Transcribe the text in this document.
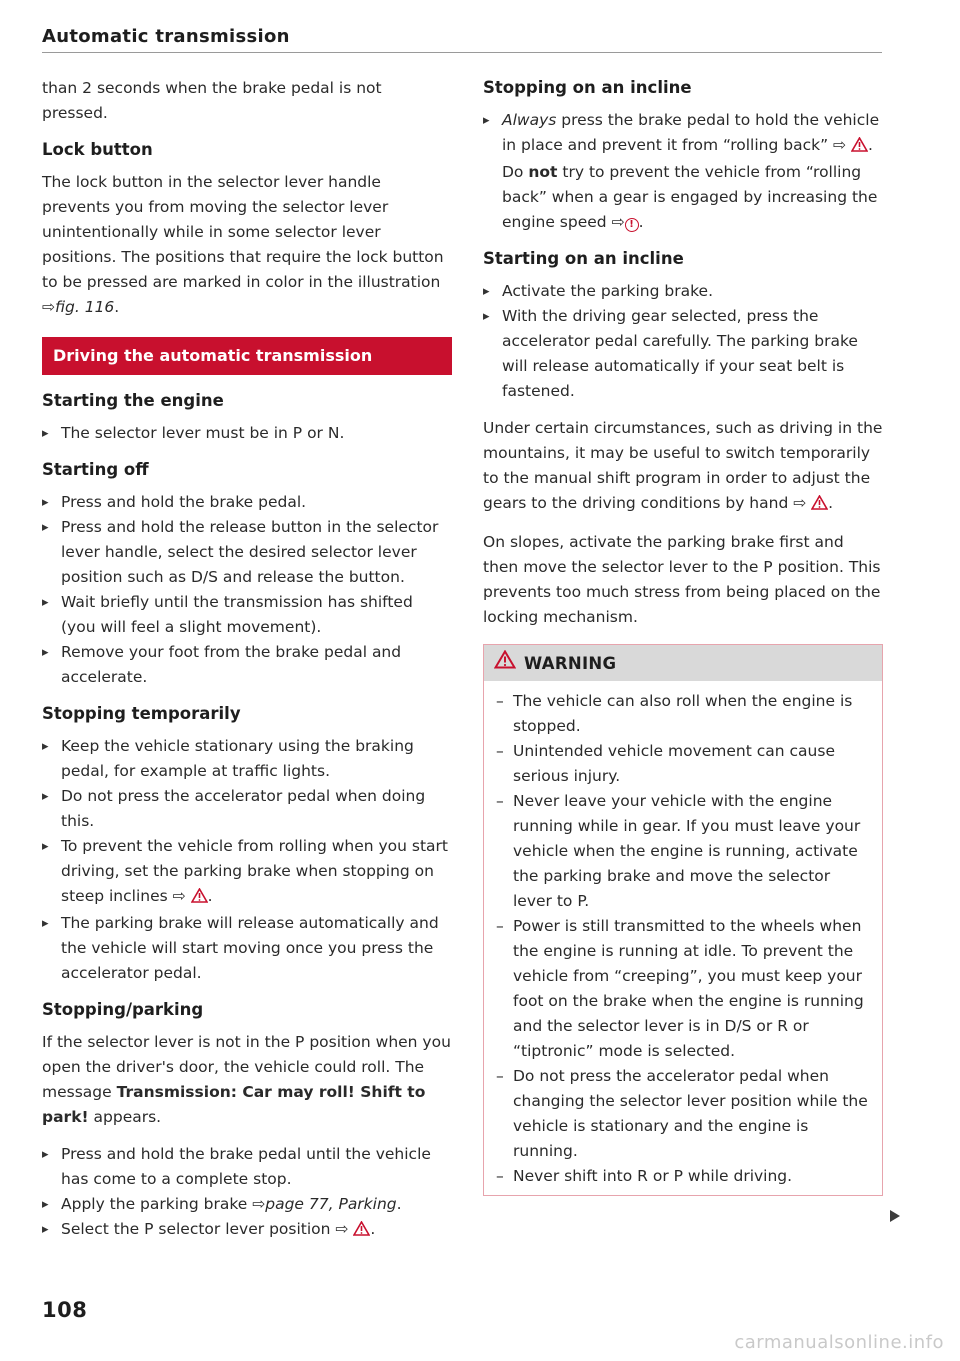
Automatic transmission

than 2 seconds when the brake pedal is not pressed.

Lock button

The lock button in the selector lever handle prevents you from moving the selector lever unintentionally while in some selector lever positions. The positions that require the lock button to be pressed are marked in color in the illustration ⇨fig. 116.

Driving the automatic transmission
Starting the engine
▸ The selector lever must be in P or N.
Starting off
▸ Press and hold the brake pedal.
▸ Press and hold the release button in the selector lever handle, select the desired selector lever position such as D/S and release the button.
▸ Wait briefly until the transmission has shifted (you will feel a slight movement).
▸ Remove your foot from the brake pedal and accelerate.
Stopping temporarily
▸ Keep the vehicle stationary using the braking pedal, for example at traffic lights.
▸ Do not press the accelerator pedal when doing this.
▸ To prevent the vehicle from rolling when you start driving, set the parking brake when stopping on steep inclines ⇨ .
▸ The parking brake will release automatically and the vehicle will start moving once you press the accelerator pedal.
Stopping/parking

If the selector lever is not in the P position when you open the driver's door, the vehicle could roll. The message Transmission: Car may roll! Shift to park! appears.

▸ Press and hold the brake pedal until the vehicle has come to a complete stop.
▸ Apply the parking brake ⇨page 77, Parking.
▸ Select the P selector lever position ⇨ .
Stopping on an incline
▸ Always press the brake pedal to hold the vehicle in place and prevent it from “rolling back” ⇨ . Do not try to prevent the vehicle from “rolling back” when a gear is engaged by increasing the engine speed ⇨ ! .
Starting on an incline
▸ Activate the parking brake.
▸ With the driving gear selected, press the accelerator pedal carefully. The parking brake will release automatically if your seat belt is fastened.

Under certain circumstances, such as driving in the mountains, it may be useful to switch temporarily to the manual shift program in order to adjust the gears to the driving conditions by hand ⇨ .

On slopes, activate the parking brake first and then move the selector lever to the P position. This prevents too much stress from being placed on the locking mechanism.

WARNING
– The vehicle can also roll when the engine is stopped.
– Unintended vehicle movement can cause serious injury.
– Never leave your vehicle with the engine running while in gear. If you must leave your vehicle when the engine is running, activate the parking brake and move the selector lever to P.
– Power is still transmitted to the wheels when the engine is running at idle. To prevent the vehicle from “creeping”, you must keep your foot on the brake when the engine is running and the selector lever is in D/S or R or “tiptronic” mode is selected.
– Do not press the accelerator pedal when changing the selector lever position while the vehicle is stationary and the engine is running.
– Never shift into R or P while driving.
108
carmanualsonline.info
